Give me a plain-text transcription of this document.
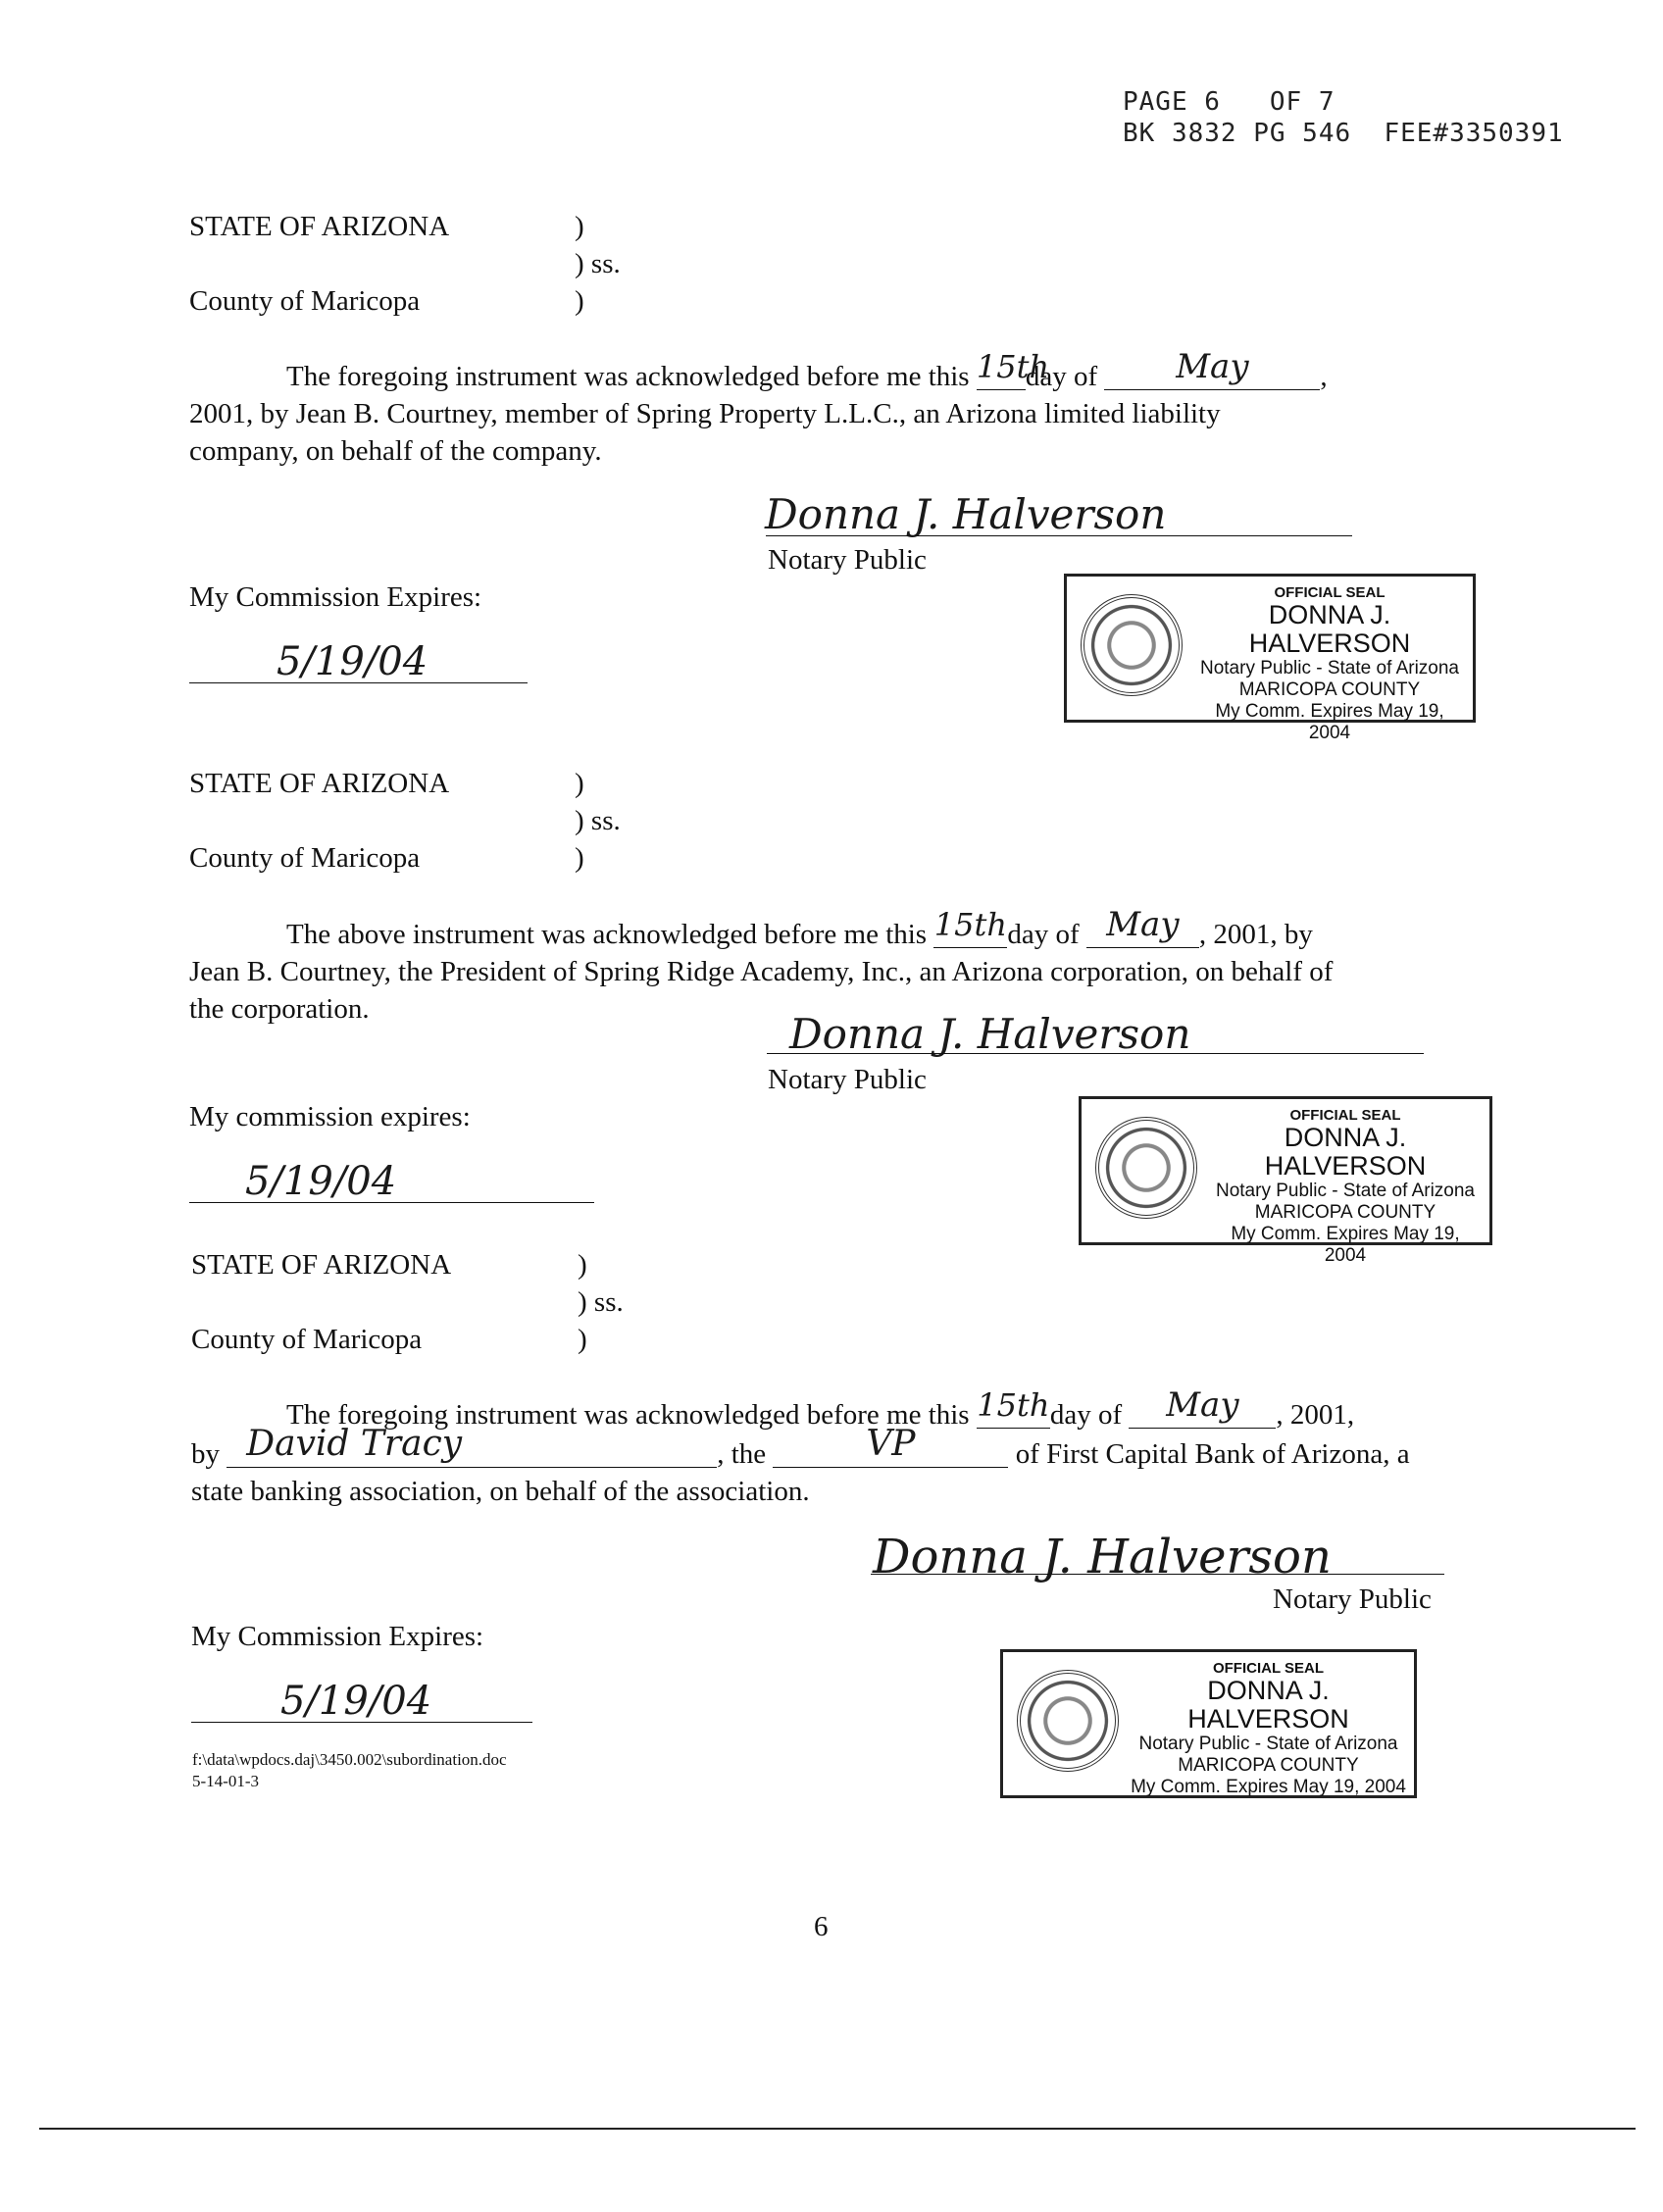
PAGE 6   OF 7
BK 3832 PG 546  FEE#3350391
STATE OF ARIZONA	)
) ss.
County of Maricopa	)
The foregoing instrument was acknowledged before me this 15thday of May	,
2001, by Jean B. Courtney, member of Spring Property L.L.C., an Arizona limited liability
company, on behalf of the company.
Donna J. Halverson
Notary Public
My Commission Expires:
5/19/04
OFFICIAL SEAL
DONNA J. HALVERSON
Notary Public - State of Arizona
MARICOPA COUNTY
My Comm. Expires May 19, 2004
STATE OF ARIZONA	)
) ss.
County of Maricopa	)
The above instrument was acknowledged before me this 15thday of May , 2001, by
Jean B. Courtney, the President of Spring Ridge Academy, Inc., an Arizona corporation, on behalf of
the corporation.
Donna J. Halverson
Notary Public
My commission expires:
5/19/04
OFFICIAL SEAL
DONNA J. HALVERSON
Notary Public - State of Arizona
MARICOPA COUNTY
My Comm. Expires May 19, 2004
STATE OF ARIZONA	)
) ss.
County of Maricopa	)
The foregoing instrument was acknowledged before me this 15thday of May , 2001,
by David Tracy	, the	VP	of First Capital Bank of Arizona, a
state banking association, on behalf of the association.
Donna J. Halverson
Notary Public
My Commission Expires:
5/19/04
OFFICIAL SEAL
DONNA J. HALVERSON
Notary Public - State of Arizona
MARICOPA COUNTY
My Comm. Expires May 19, 2004
f:\data\wpdocs.daj\3450.002\subordination.doc
5-14-01-3
6
